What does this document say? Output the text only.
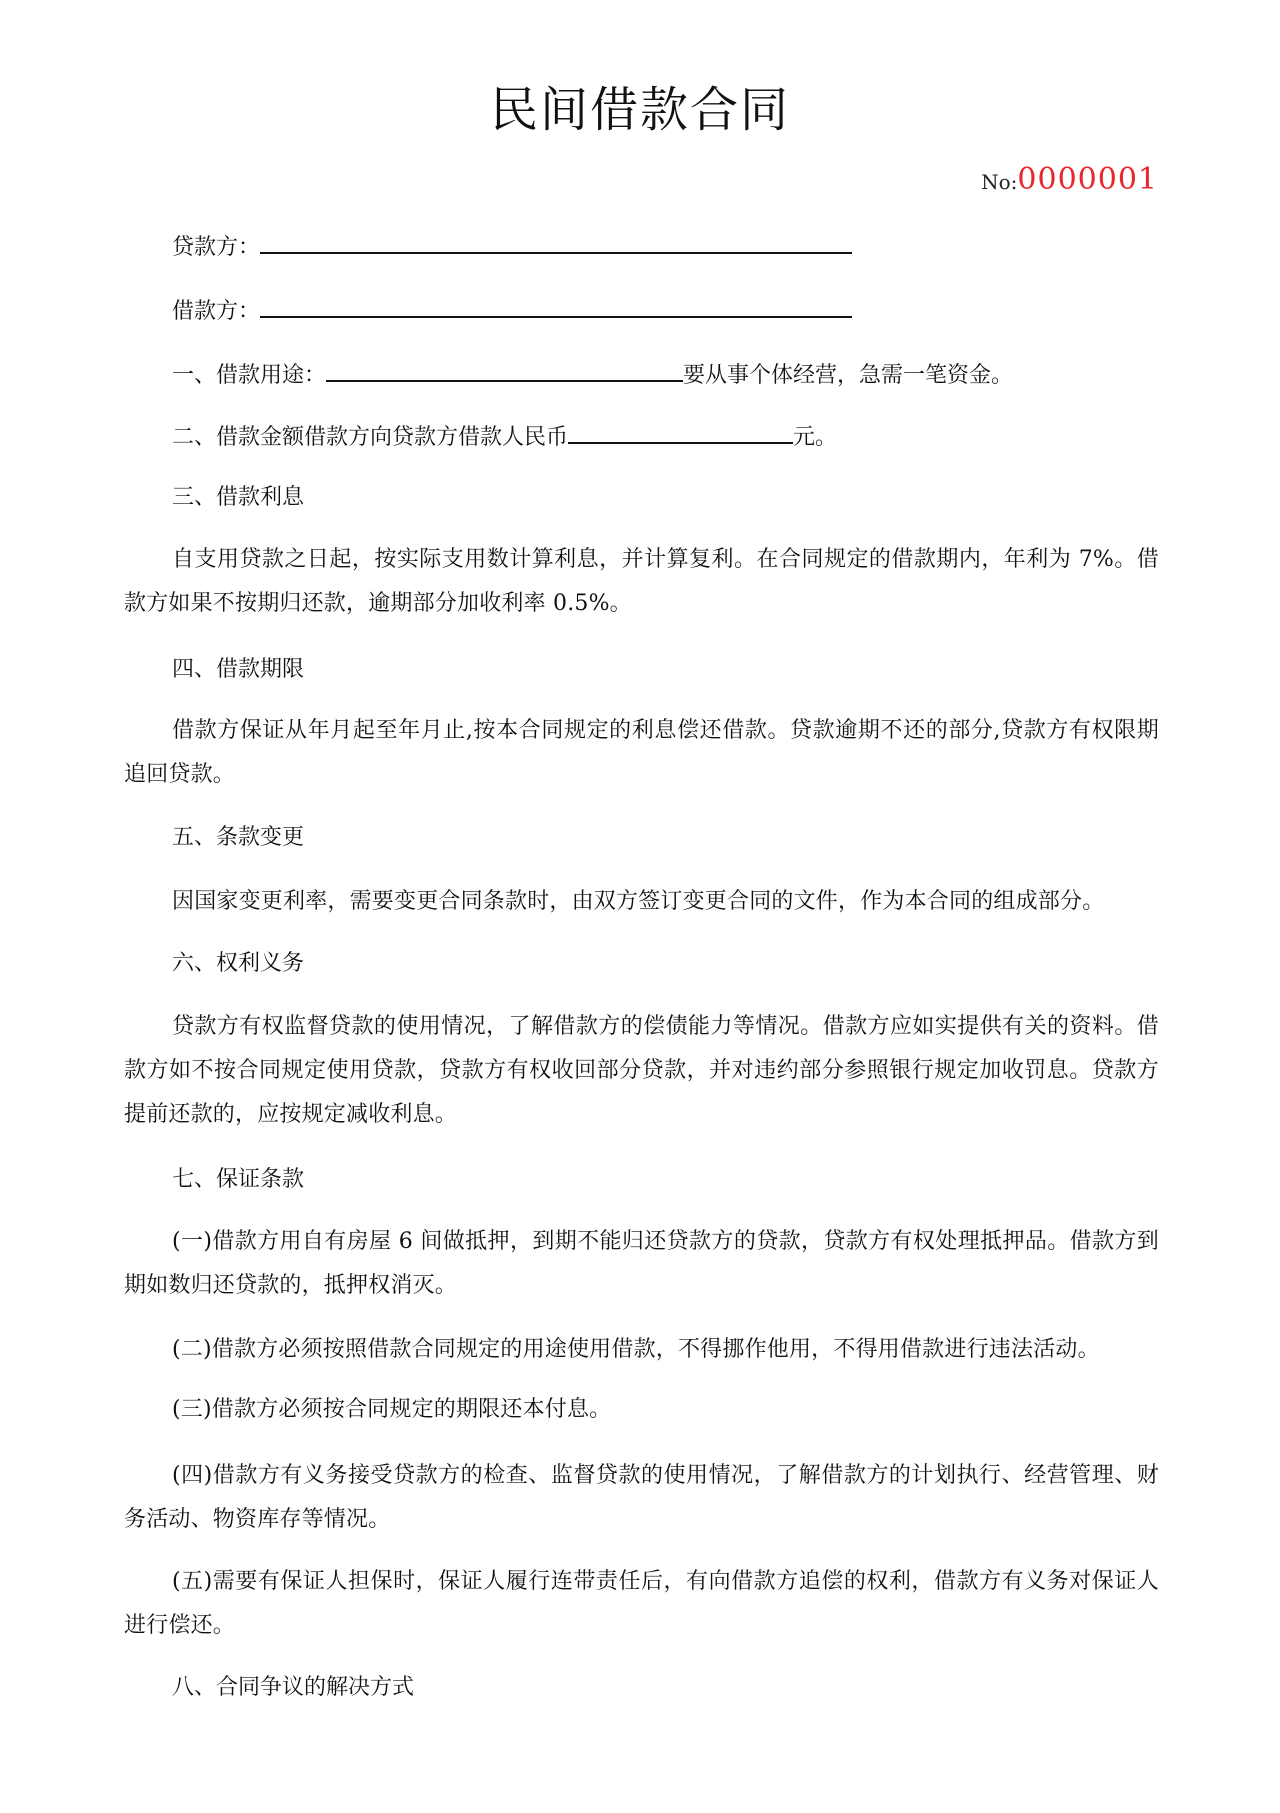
民间借款合同
No:0000001
贷款方：
借款方：
一、借款用途：	要从事个体经营，急需一笔资金。
二、借款金额借款方向贷款方借款人民币	元。
三、借款利息
自支用贷款之日起，按实际支用数计算利息，并计算复利。在合同规定的借款期内，年利为 7%。借款方如果不按期归还款，逾期部分加收利率 0.5%。
四、借款期限
借款方保证从年月起至年月止,按本合同规定的利息偿还借款。贷款逾期不还的部分,贷款方有权限期追回贷款。
五、条款变更
因国家变更利率，需要变更合同条款时，由双方签订变更合同的文件，作为本合同的组成部分。
六、权利义务
贷款方有权监督贷款的使用情况，了解借款方的偿债能力等情况。借款方应如实提供有关的资料。借款方如不按合同规定使用贷款，贷款方有权收回部分贷款，并对违约部分参照银行规定加收罚息。贷款方提前还款的，应按规定减收利息。
七、保证条款
(一)借款方用自有房屋 6 间做抵押，到期不能归还贷款方的贷款，贷款方有权处理抵押品。借款方到期如数归还贷款的，抵押权消灭。
(二)借款方必须按照借款合同规定的用途使用借款，不得挪作他用，不得用借款进行违法活动。
(三)借款方必须按合同规定的期限还本付息。
(四)借款方有义务接受贷款方的检查、监督贷款的使用情况，了解借款方的计划执行、经营管理、财务活动、物资库存等情况。
(五)需要有保证人担保时，保证人履行连带责任后，有向借款方追偿的权利，借款方有义务对保证人进行偿还。
八、合同争议的解决方式
